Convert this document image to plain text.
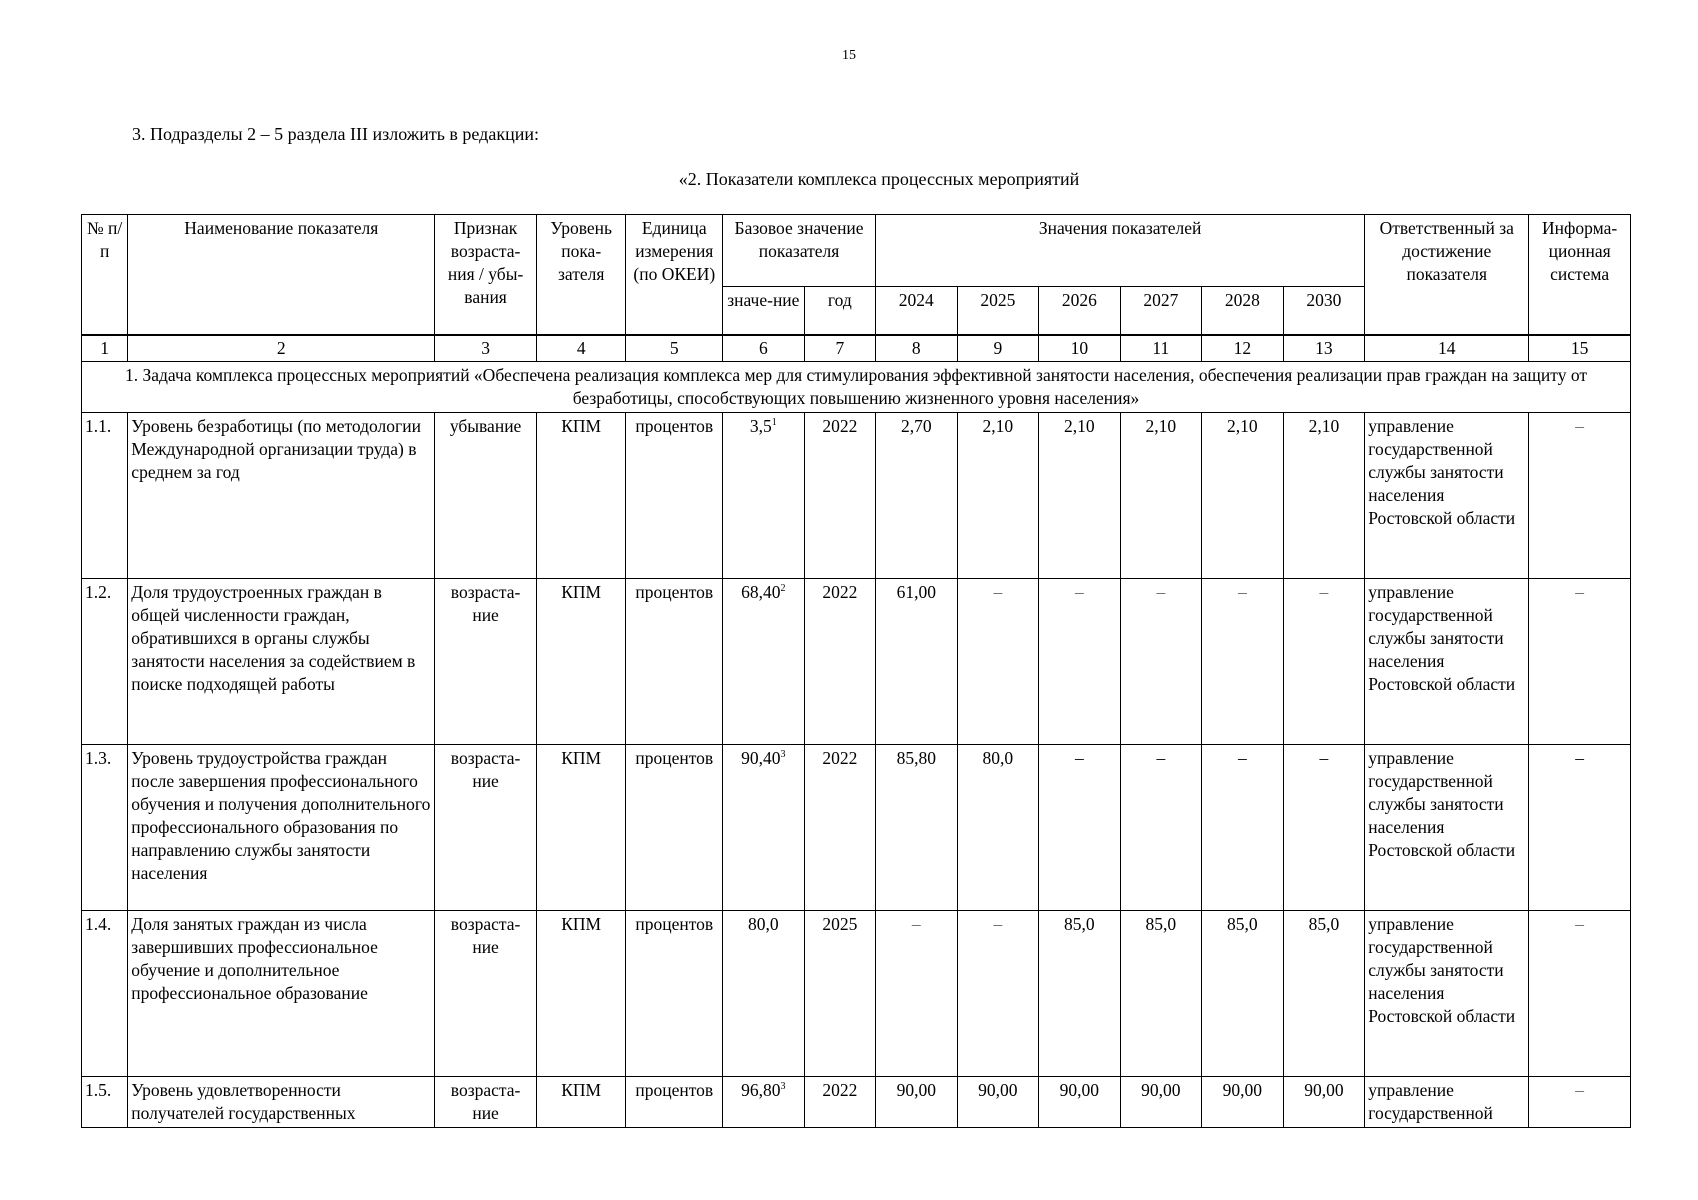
15
3. Подразделы 2 – 5 раздела III изложить в редакции:
«2. Показатели комплекса процессных мероприятий
№ п/п	Наименование показателя	Признак возраста-ния / убы-вания	Уровень пока-зателя	Единица измерения (по ОКЕИ)	Базовое значение показателя		Значения показателей						Ответственный за достижение показателя	Информа-ционная система
					значе-ние	год	2024	2025	2026	2027	2028	2030		
1	2	3	4	5	6	7	8	9	10	11	12	13	14	15
1. Задача комплекса процессных мероприятий «Обеспечена реализация комплекса мер для стимулирования эффективной занятости населения, обеспечения реализации прав граждан на защиту от безработицы, способствующих повышению жизненного уровня населения»														
1.1.	Уровень безработицы (по методологии Международной организации труда) в среднем за год	убывание	КПМ	процентов	$3,5^1$	2022	2,70	2,10	2,10	2,10	2,10	2,10	управление государственной службы занятости населения Ростовской области	–
1.2.	Доля трудоустроенных граждан в общей численности граждан, обратившихся в органы службы занятости населения за содействием в поиске подходящей работы	возраста-ние	КПМ	процентов	68,40$^2$	2022	61,00	–	–	–	–	–	управление государственной службы занятости населения Ростовской области	–
1.3.	Уровень трудоустройства граждан после завершения профессионального обучения и получения дополнительного профессионального образования по направлению службы занятости населения	возраста-ние	КПМ	процентов	90,40$^3$	2022	85,80	80,0	–	–	–	–	управление государственной службы занятости населения Ростовской области	–
1.4.	Доля занятых граждан из числа завершивших профессиональное обучение и дополнительное профессиональное образование	возраста-ние	КПМ	процентов	80,0	2025	–	–	85,0	85,0	85,0	85,0	управление государственной службы занятости населения Ростовской области	–
1.5.	Уровень удовлетворенности получателей государственных	возраста-ние	КПМ	процентов	96,80$^3$	2022	90,00	90,00	90,00	90,00	90,00	90,00	управление государственной	–
